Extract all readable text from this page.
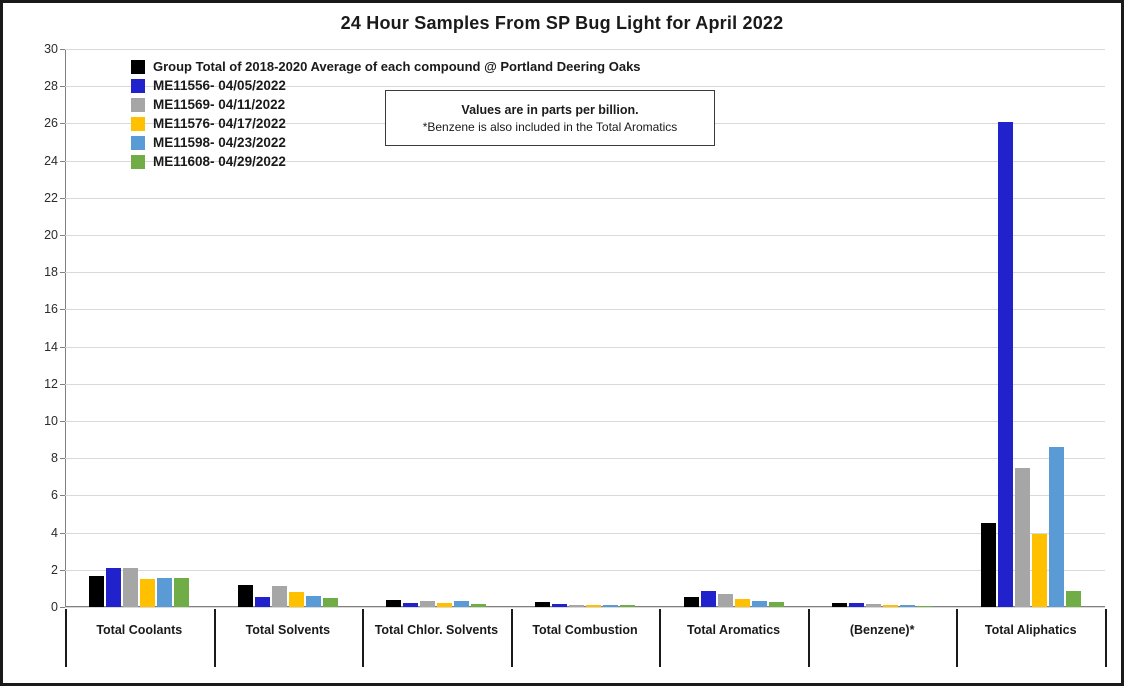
24 Hour Samples From SP Bug Light for April 2022
0
2
4
6
8
10
12
14
16
18
20
22
24
26
28
30
Total Coolants	Total Solvents	Total Chlor. Solvents	Total Combustion	Total Aromatics	(Benzene)*	Total Aliphatics
Group Total of 2018-2020 Average of each compound @ Portland Deering Oaks
ME11556- 04/05/2022
ME11569- 04/11/2022
ME11576- 04/17/2022
ME11598- 04/23/2022
ME11608- 04/29/2022
Values are in parts per billion.
*Benzene is also included in the Total Aromatics
